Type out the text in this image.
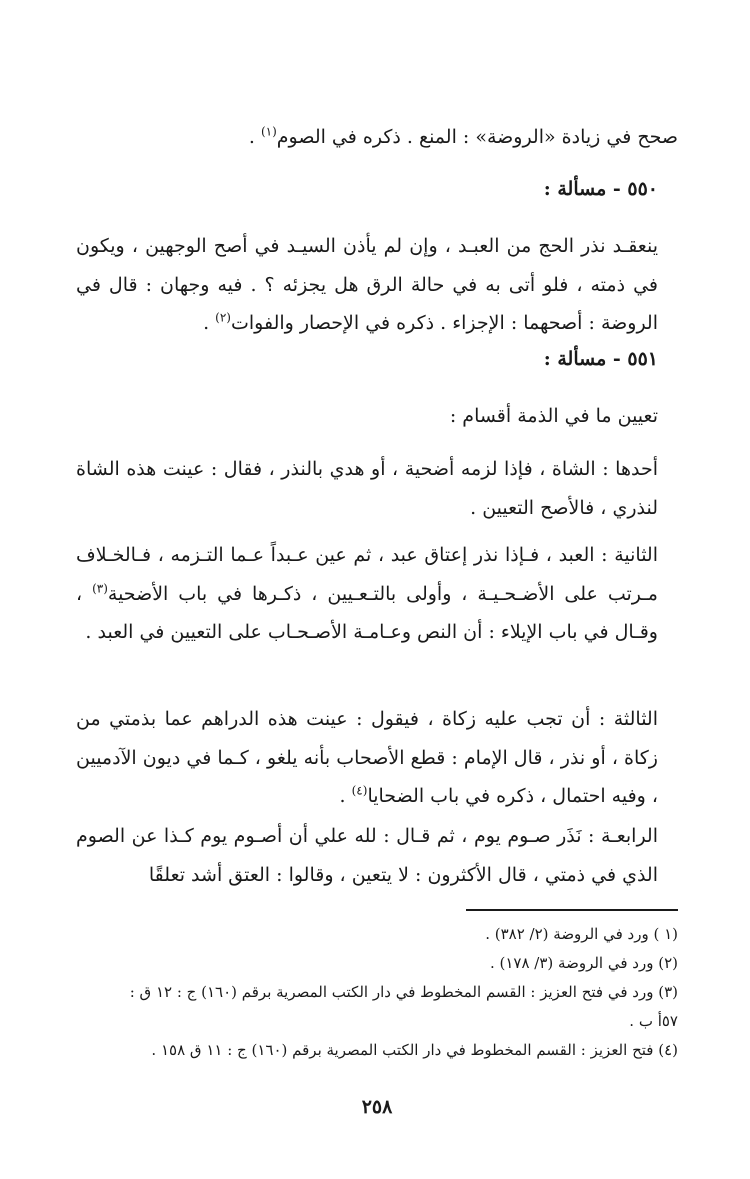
صحح في زيادة «الروضة» : المنع . ذكره في الصوم$^{(١)}$ .
٥٥٠ - مسألة :
ينعقـد نذر الحج من العبـد ، وإن لم يأذن السيـد في أصح الوجهين ، ويكون في ذمته ، فلو أتى به في حالة الرق هل يجزئه ؟ . فيه وجهان : قال في الروضة : أصحهما : الإجزاء . ذكره في الإحصار والفوات$^{(٢)}$ .
٥٥١ - مسألة :
تعيين ما في الذمة أقسام :
أحدها : الشاة ، فإذا لزمه أضحية ، أو هدي بالنذر ، فقال : عينت هذه الشاة لنذري ، فالأصح التعيين .
الثانية : العبد ، فـإذا نذر إعتاق عبد ، ثم عين عـبداً عـما التـزمه ، فـالخـلاف مـرتب على الأضـحـيـة ، وأولى بالتـعـيين ، ذكـرها في باب الأضحية$^{(٣)}$ ، وقـال في باب الإيلاء : أن النص وعـامـة الأصـحـاب على التعيين في العبد .
الثالثة : أن تجب عليه زكاة ، فيقول : عينت هذه الدراهم عما بذمتي من زكاة ، أو نذر ، قال الإمام : قطع الأصحاب بأنه يلغو ، كـما في ديون الآدميين ، وفيه احتمال ، ذكره في باب الضحايا$^{(٤)}$ .
الرابعـة : نَذَر صـوم يوم ، ثم قـال : لله علي أن أصـوم يوم كـذا عن الصوم الذي في ذمتي ، قال الأكثرون : لا يتعين ، وقالوا : العتق أشد تعلقًا
(١ ) ورد في الروضة (٢/ ٣٨٢) .
(٢) ورد في الروضة (٣/ ١٧٨) .
(٣) ورد في فتح العزيز : القسم المخطوط في دار الكتب المصرية برقم (١٦٠) ج : ١٢ ق :
٥٧أ ب .
(٤) فتح العزيز : القسم المخطوط في دار الكتب المصرية برقم (١٦٠) ج : ١١ ق ١٥٨ .
٢٥٨
